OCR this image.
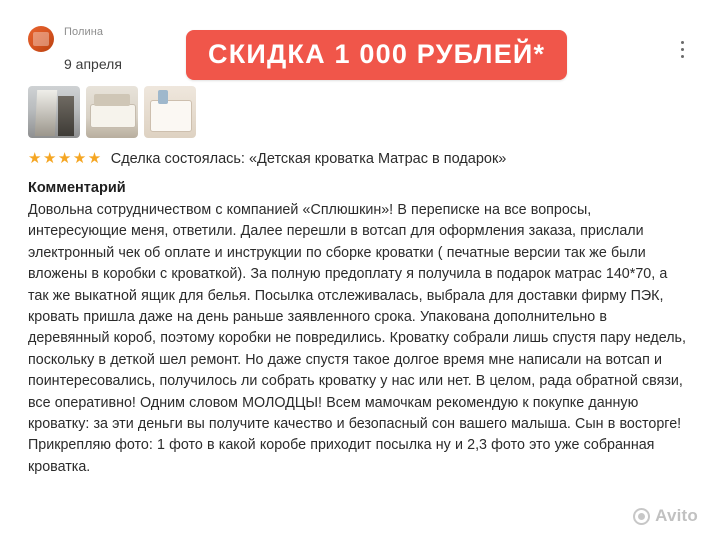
Полина
9 апреля	СКИДКА 1 000 РУБЛЕЙ*
★★★★★ Сделка состоялась: «Детская кроватка Матрас в подарок»
Комментарий
Довольна сотрудничеством с компанией «Сплюшкин»! В переписке на все вопросы, интересующие меня, ответили. Далее перешли в вотсап для оформления заказа, прислали электронный чек об оплате и инструкции по сборке кроватки ( печатные версии так же были вложены в коробки с кроваткой). За полную предоплату я получила в подарок матрас 140*70, а так же выкатной ящик для белья. Посылка отслеживалась, выбрала для доставки фирму ПЭК, кровать пришла даже на день раньше заявленного срока. Упакована дополнительно в деревянный короб, поэтому коробки не повредились. Кроватку собрали лишь спустя пару недель, поскольку в деткой шел ремонт. Но даже спустя такое долгое время мне написали на вотсап и поинтересовались, получилось ли собрать кроватку у нас или нет. В целом, рада обратной связи, все оперативно! Одним словом МОЛОДЦЫ! Всем мамочкам рекомендую к покупке данную кроватку: за эти деньги вы получите качество и безопасный сон вашего малыша. Сын в восторге! Прикрепляю фото: 1 фото в какой коробе приходит посылка ну и 2,3 фото это уже собранная кроватка.
Avito
